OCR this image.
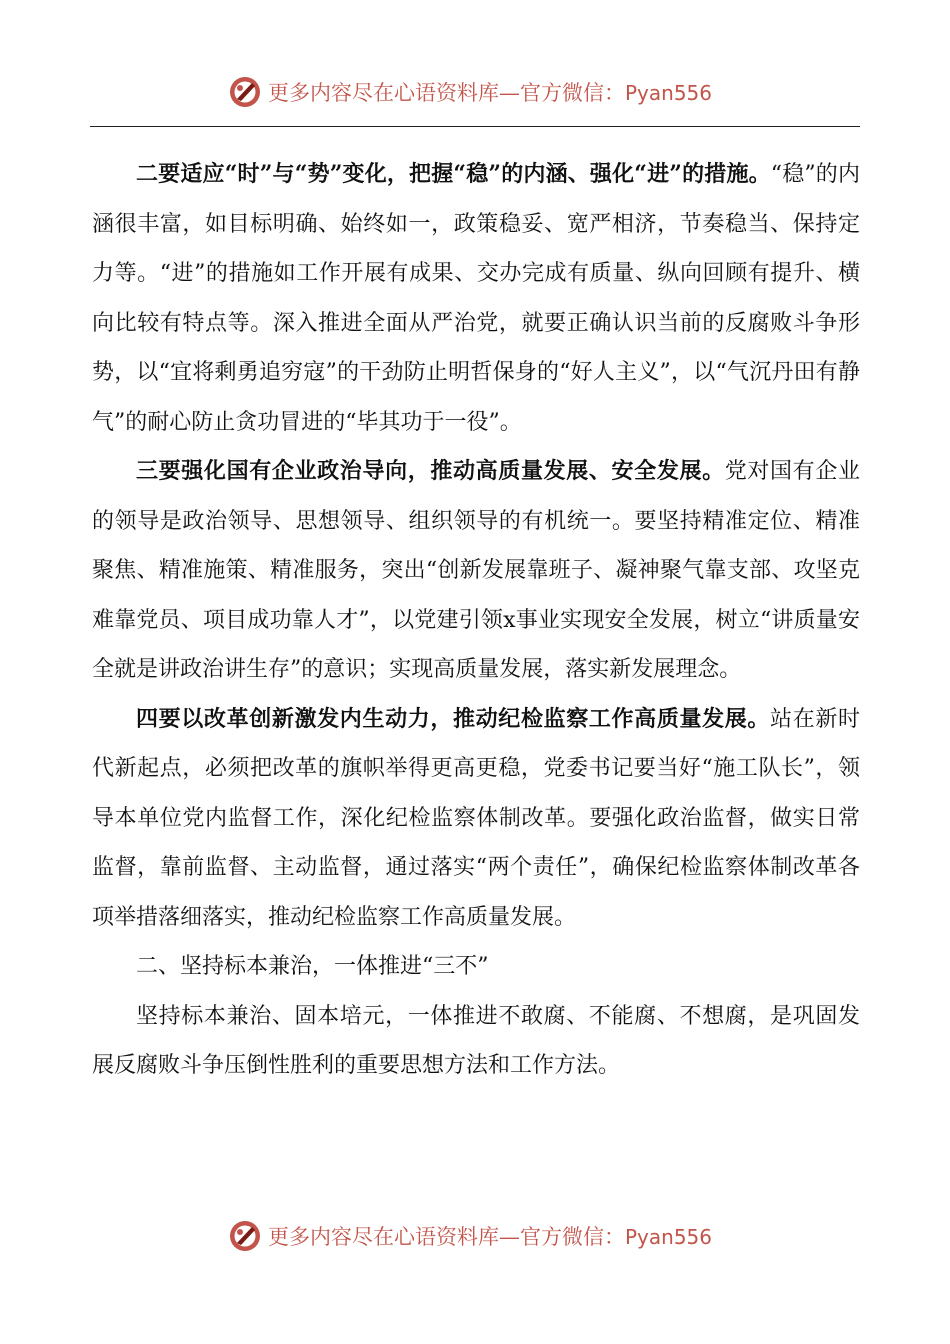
更多内容尽在心语资料库—官方微信：Pyan556

二要适应“时”与“势”变化，把握“稳”的内涵、强化“进”的措施。“稳”的内涵很丰富，如目标明确、始终如一，政策稳妥、宽严相济，节奏稳当、保持定力等。“进”的措施如工作开展有成果、交办完成有质量、纵向回顾有提升、横向比较有特点等。深入推进全面从严治党，就要正确认识当前的反腐败斗争形势，以“宜将剩勇追穷寇”的干劲防止明哲保身的“好人主义”，以“气沉丹田有静气”的耐心防止贪功冒进的“毕其功于一役”。

三要强化国有企业政治导向，推动高质量发展、安全发展。党对国有企业的领导是政治领导、思想领导、组织领导的有机统一。要坚持精准定位、精准聚焦、精准施策、精准服务，突出“创新发展靠班子、凝神聚气靠支部、攻坚克难靠党员、项目成功靠人才”，以党建引领x事业实现安全发展，树立“讲质量安全就是讲政治讲生存”的意识；实现高质量发展，落实新发展理念。

四要以改革创新激发内生动力，推动纪检监察工作高质量发展。站在新时代新起点，必须把改革的旗帜举得更高更稳，党委书记要当好“施工队长”，领导本单位党内监督工作，深化纪检监察体制改革。要强化政治监督，做实日常监督，靠前监督、主动监督，通过落实“两个责任”，确保纪检监察体制改革各项举措落细落实，推动纪检监察工作高质量发展。

二、坚持标本兼治，一体推进“三不”

坚持标本兼治、固本培元，一体推进不敢腐、不能腐、不想腐，是巩固发展反腐败斗争压倒性胜利的重要思想方法和工作方法。

更多内容尽在心语资料库—官方微信：Pyan556
